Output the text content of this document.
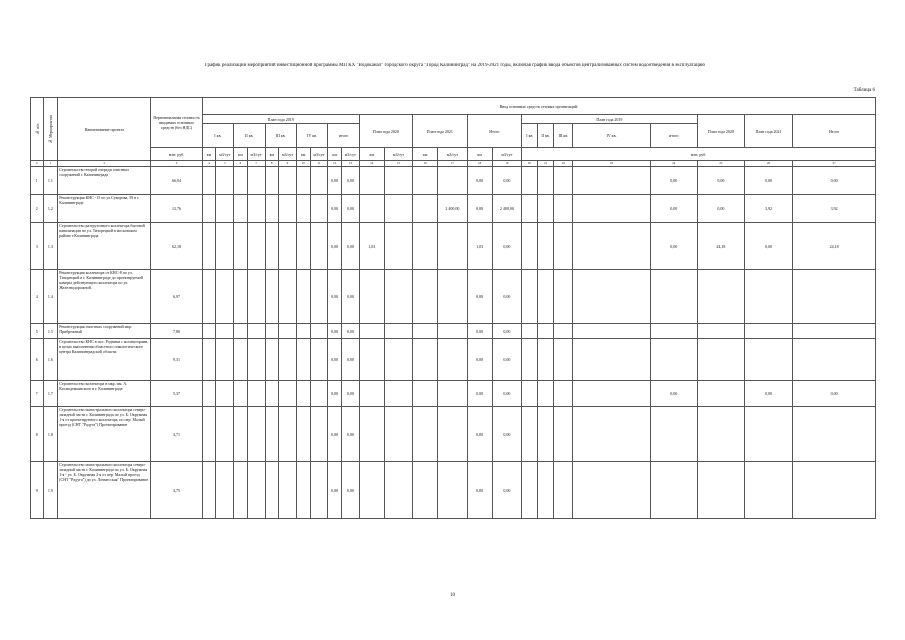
График реализации мероприятий инвестиционной программы МП КХ "Водоканал" городского округа "Город Калининград" на 2019-2021 годы, включая график ввода объектов централизованных систем водоотведения в эксплуатацию
Таблица 6
№ п/п	№ Мероприятия	Наименование проекта	Первоначальная стоимость вводимых основных средств (без НДС)	Ввод основных средств сетевых организаций:																							
				План года 2019										План года 2020		План года 2021		Итого		План года 2019					План года 2020	План года 2021	Итого
				I кв.		II кв.		III кв.		IV кв.		итого								I кв	II кв.	III кв.	IV кв.	итого			
			млн. руб.	км	м3/сут	км	м3/сут	км	м3/сут	км	м3/сут	км	м3/сут	км	м3/сут	км	м3/сут	км	м3/сут	млн. руб.							
0	1	2	3	4	5	6	7	8	9	10	11	12	13	14	15	16	17	18	19	20	21	22	23	24	25	26	27
1	1.1	Строительство второй очереди очистных сооружений г. Калининграда	66,04									0,00	0,00					0,00	0,00					0,00	0,00	0,00	0,00
2	1.2	Реконструкция КНС -15 по ул.Суворова, 59 в г. Калининграде	12,76									0,00	0,00				2 400,00	0,00	2 400,00					0,00	0,00	3,92	3,92
3	1.3	Строительство разгрузочного коллектора бытовой канализации по ул. Тихорецкой в московском районе г.Калининграда	62,18									0,00	0,00	1,03				1,03	0,00					0,00	24,18	0,00	24,18
4	1.4	Реконструкция коллектора от КНС-8 по ул. Тихорецкой в г. Калининграде до проектируемой камеры действующего коллектора по ул. Железнодорожной.	6,97									0,00	0,00					0,00	0,00								
5	1.5	Реконструкция очистных сооружений мкр. Прибрежный	7,80									0,00	0,00					0,00	0,00								
6	1.6	Строительство КНС в пос. Родники с коллекторами, в целях выполнения областного онкологического центра Калининградской области.	9,31									0,00	0,00					0,00	0,00								
7	1.7	Строительство коллектора в мкр. им. А. Космодемьянского в г. Калининграде	5,37									0,00	0,00					0,00	0,00					0,00		0,00	0,00
8	1.8	Строительство магистрального коллектора северо-западной части г. Калининграда по ул. Б. Окружная 1-я от проектируемого коллектора, по пер. Малый проезд (СНТ "Радуга") Проектирование	3,71									0,00	0,00					0,00	0,00								
9	1.9	Строительство магистрального коллектора северо-западной части г. Калининграда по ул. Б. Окружная 1-я - ул. Б. Окружная 2-я от пер. Малый проезд (СНТ "Радуга") до ул. Лочмесская" Проектирование	3,75									0,00	0,00					0,00	0,00								
10
